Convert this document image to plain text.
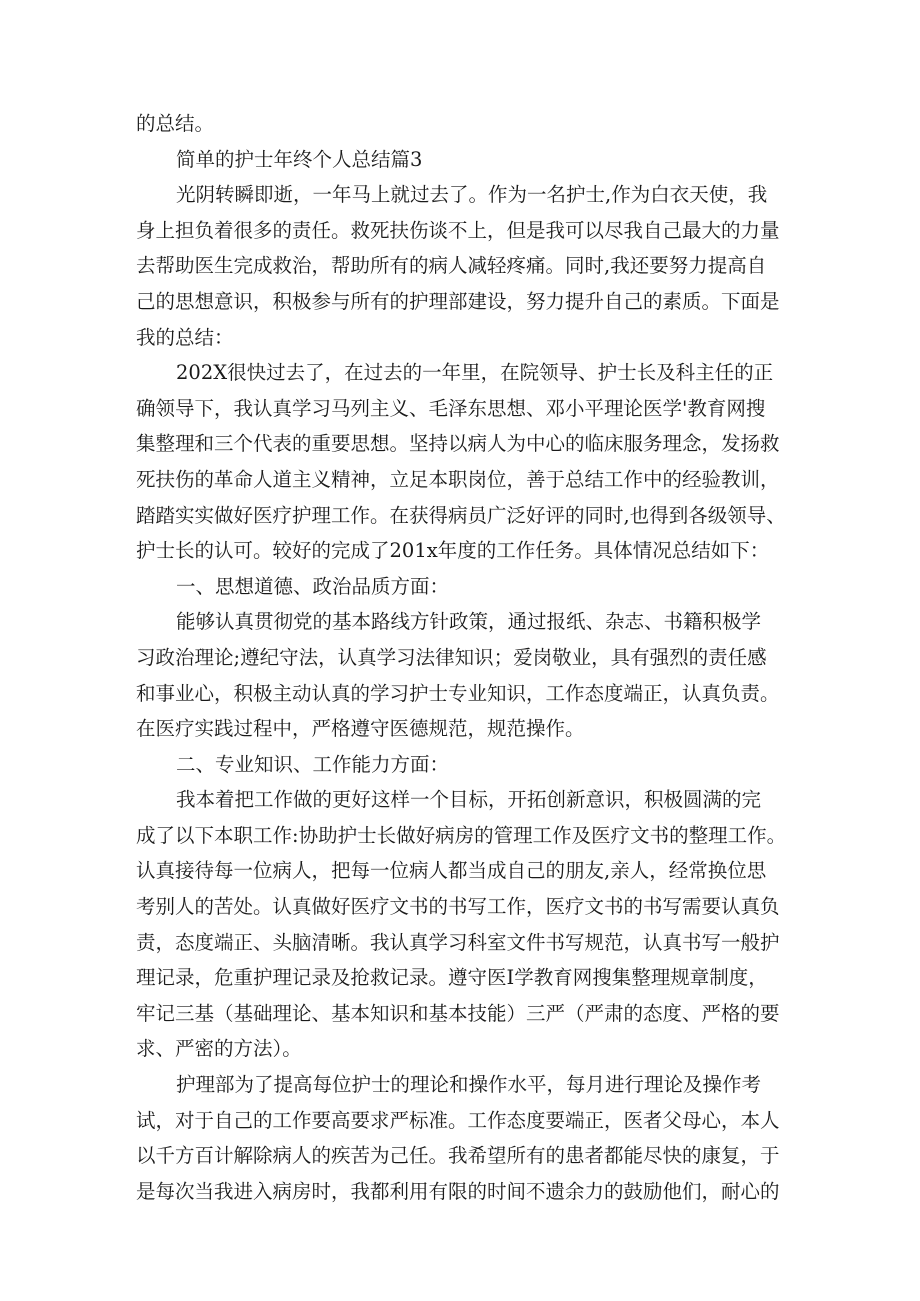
的总结。
简单的护士年终个人总结篇3
光阴转瞬即逝，一年马上就过去了。作为一名护士,作为白衣天使，我
身上担负着很多的责任。救死扶伤谈不上，但是我可以尽我自己最大的力量
去帮助医生完成救治，帮助所有的病人减轻疼痛。同时,我还要努力提高自
己的思想意识，积极参与所有的护理部建设，努力提升自己的素质。下面是
我的总结：
202X很快过去了，在过去的一年里，在院领导、护士长及科主任的正
确领导下，我认真学习马列主义、毛泽东思想、邓小平理论医学'教育网搜
集整理和三个代表的重要思想。坚持以病人为中心的临床服务理念，发扬救
死扶伤的革命人道主义精神，立足本职岗位，善于总结工作中的经验教训，
踏踏实实做好医疗护理工作。在获得病员广泛好评的同时,也得到各级领导、
护士长的认可。较好的完成了201x年度的工作任务。具体情况总结如下：
一、思想道德、政治品质方面：
能够认真贯彻党的基本路线方针政策，通过报纸、杂志、书籍积极学
习政治理论;遵纪守法，认真学习法律知识；爱岗敬业，具有强烈的责任感
和事业心，积极主动认真的学习护士专业知识，工作态度端正，认真负责。
在医疗实践过程中，严格遵守医德规范，规范操作。
二、专业知识、工作能力方面：
我本着把工作做的更好这样一个目标，开拓创新意识，积极圆满的完
成了以下本职工作:协助护士长做好病房的管理工作及医疗文书的整理工作。
认真接待每一位病人，把每一位病人都当成自己的朋友,亲人，经常换位思
考别人的苦处。认真做好医疗文书的书写工作，医疗文书的书写需要认真负
责，态度端正、头脑清晰。我认真学习科室文件书写规范，认真书写一般护
理记录，危重护理记录及抢救记录。遵守医I学教育网搜集整理规章制度，
牢记三基（基础理论、基本知识和基本技能）三严（严肃的态度、严格的要
求、严密的方法）。
护理部为了提高每位护士的理论和操作水平，每月进行理论及操作考
试，对于自己的工作要高要求严标准。工作态度要端正，医者父母心，本人
以千方百计解除病人的疾苦为己任。我希望所有的患者都能尽快的康复，于
是每次当我进入病房时，我都利用有限的时间不遗余力的鼓励他们，耐心的
